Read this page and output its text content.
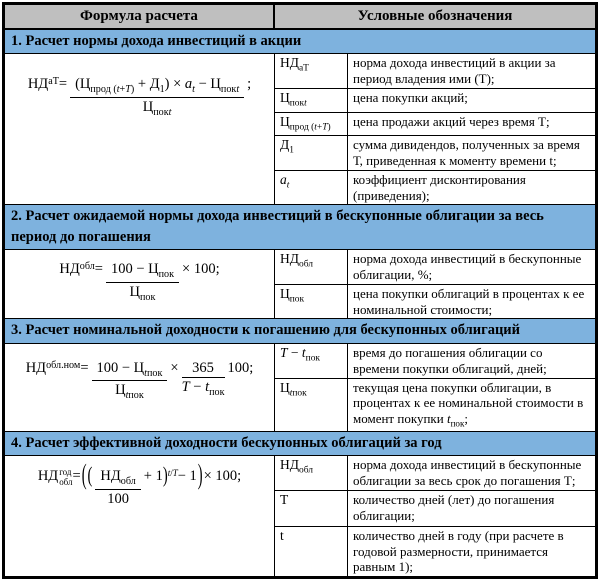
Формула расчета	Условные обозначения
1. Расчет нормы дохода инвестиций в акции
НД аТ = $\frac{(Ц_{прод (t+T)} + Д_1) \times a_t - Ц_{покt}}{Ц_{покt}}$ ;
$НД_{аТ}$	норма дохода инвестиций в акции за период владения ими (Т);
$Ц_{покt}$	цена покупки акций;
$Ц_{прод (t+T)}$	цена продажи акций через время Т;
$Д_1$	сумма дивидендов, полученных за время Т, приведенная к моменту времени t;
$a_t$	коэффициент дисконтирования (приведения);
2. Расчет ожидаемой нормы дохода инвестиций в бескупонные облигации за весь период до погашения
НД обл = $\frac{100 - Ц_{пок}}{Ц_{пок}} \times 100$;
$НД_{обл}$	норма дохода инвестиций в бескупонные облигации, %;
$Ц_{пок}$	цена покупки облигаций в процентах к ее номинальной стоимости;
3. Расчет номинальной доходности к погашению для бескупонных облигаций
НД $обл.ном = \frac{100 - Ц_{tпок}}{Ц_{tпок}} \times \frac{365}{T - t_{пок}} 100$;
$T - t_{пок}$	время до погашения облигации со времени покупки облигаций, дней;
$Ц_{tпок}$	текущая цена покупки облигации, в процентах к ее номинальной стоимости в момент покупки $t_{пок}$;
4. Расчет эффективной доходности бескупонных облигаций за год
НД год
обл = ( ( $\frac{НД_{обл}}{100} + 1$ ) $^{t/T}$ − 1 ) × 100;
$НД_{обл}$	норма дохода инвестиций в бескупонные облигации за весь срок до погашения Т;
Т	количество дней (лет) до погашения облигации;
t	количество дней в году (при расчете в годовой размерности, принимается равным 1);
